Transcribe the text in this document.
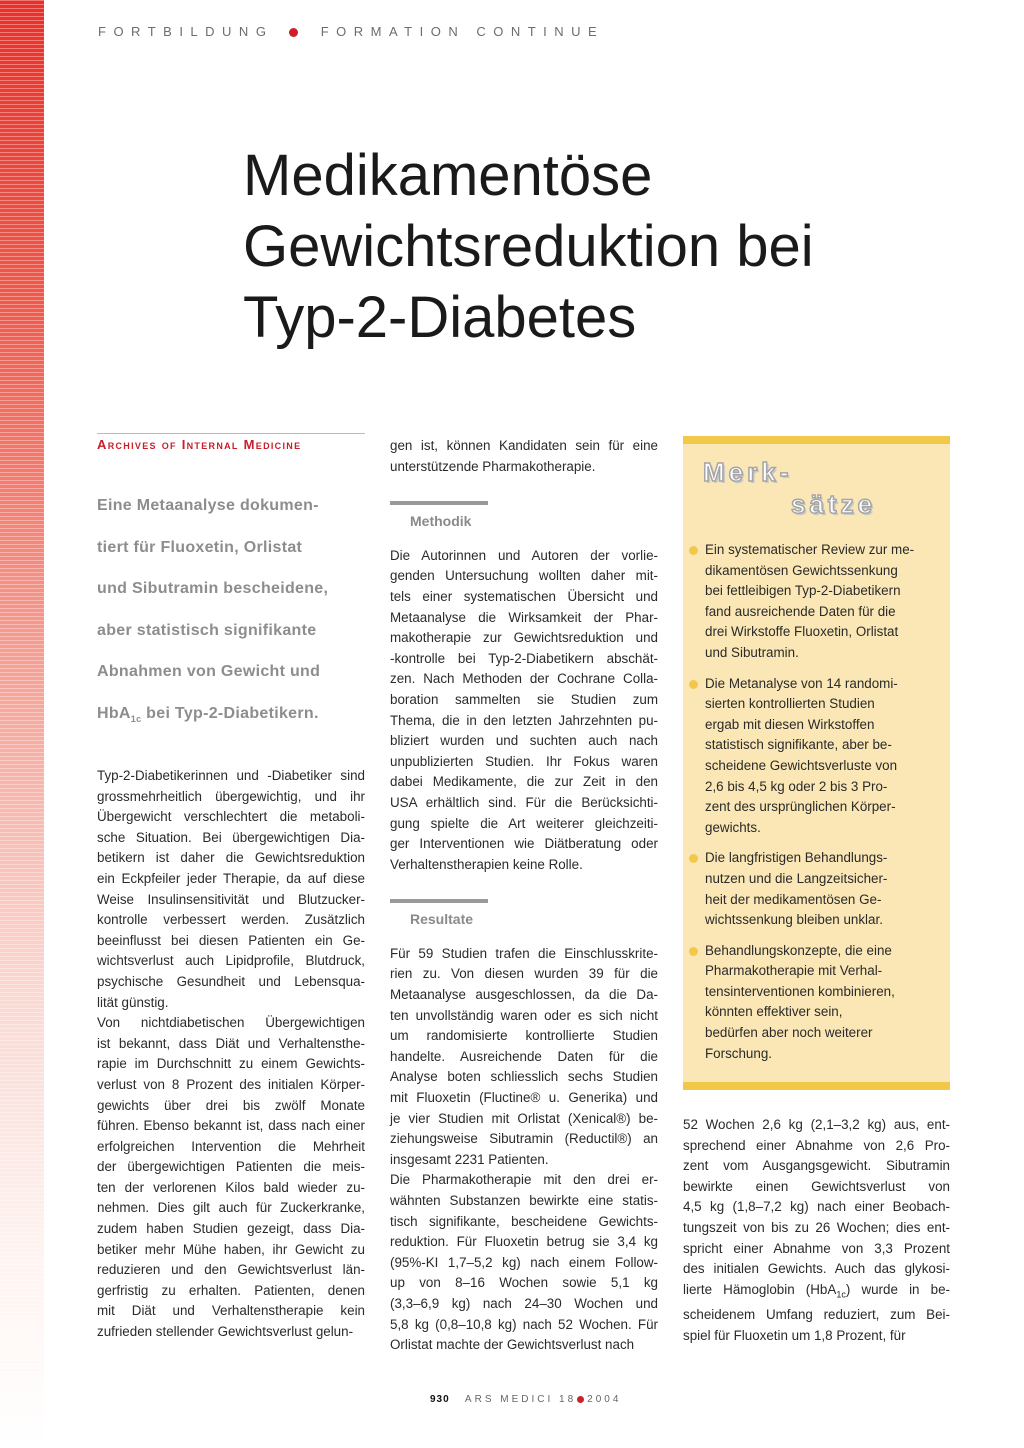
FORTBILDUNG	FORMATION CONTINUE
Medikamentöse
Gewichtsreduktion bei
Typ-2-Diabetes
Archives of Internal Medicine
Eine Metaanalyse dokumen-
tiert für Fluoxetin, Orlistat
und Sibutramin bescheidene,
aber statistisch signifikante
Abnahmen von Gewicht und
HbA$_{1c}$ bei Typ-2-Diabetikern.

Typ-2-Diabetikerinnen und -Diabetiker sind
grossmehrheitlich übergewichtig, und ihr
Übergewicht verschlechtert die metaboli-
sche Situation. Bei übergewichtigen Dia-
betikern ist daher die Gewichtsreduktion
ein Eckpfeiler jeder Therapie, da auf diese
Weise Insulinsensitivität und Blutzucker-
kontrolle verbessert werden. Zusätzlich
beeinflusst bei diesen Patienten ein Ge-
wichtsverlust auch Lipidprofile, Blutdruck,
psychische Gesundheit und Lebensqua-
lität günstig.

Von nichtdiabetischen Übergewichtigen
ist bekannt, dass Diät und Verhaltensthe-
rapie im Durchschnitt zu einem Gewichts-
verlust von 8 Prozent des initialen Körper-
gewichts über drei bis zwölf Monate
führen. Ebenso bekannt ist, dass nach einer
erfolgreichen Intervention die Mehrheit
der übergewichtigen Patienten die meis-
ten der verlorenen Kilos bald wieder zu-
nehmen. Dies gilt auch für Zuckerkranke,
zudem haben Studien gezeigt, dass Dia-
betiker mehr Mühe haben, ihr Gewicht zu
reduzieren und den Gewichtsverlust län-
gerfristig zu erhalten. Patienten, denen
mit Diät und Verhaltenstherapie kein
zufrieden stellender Gewichtsverlust gelun-

gen ist, können Kandidaten sein für eine
unterstützende Pharmakotherapie.

Methodik

Die Autorinnen und Autoren der vorlie-
genden Untersuchung wollten daher mit-
tels einer systematischen Übersicht und
Metaanalyse die Wirksamkeit der Phar-
makotherapie zur Gewichtsreduktion und
-kontrolle bei Typ-2-Diabetikern abschät-
zen. Nach Methoden der Cochrane Colla-
boration sammelten sie Studien zum
Thema, die in den letzten Jahrzehnten pu-
bliziert wurden und suchten auch nach
unpublizierten Studien. Ihr Fokus waren
dabei Medikamente, die zur Zeit in den
USA erhältlich sind. Für die Berücksichti-
gung spielte die Art weiterer gleichzeiti-
ger Interventionen wie Diätberatung oder
Verhaltenstherapien keine Rolle.

Resultate

Für 59 Studien trafen die Einschlusskrite-
rien zu. Von diesen wurden 39 für die
Metaanalyse ausgeschlossen, da die Da-
ten unvollständig waren oder es sich nicht
um randomisierte kontrollierte Studien
handelte. Ausreichende Daten für die
Analyse boten schliesslich sechs Studien
mit Fluoxetin (Fluctine® u. Generika) und
je vier Studien mit Orlistat (Xenical®) be-
ziehungsweise Sibutramin (Reductil®) an
insgesamt 2231 Patienten.

Die Pharmakotherapie mit den drei er-
wähnten Substanzen bewirkte eine statis-
tisch signifikante, bescheidene Gewichts-
reduktion. Für Fluoxetin betrug sie 3,4 kg
(95%-KI 1,7–5,2 kg) nach einem Follow-
up von 8–16 Wochen sowie 5,1 kg
(3,3–6,9 kg) nach 24–30 Wochen und
5,8 kg (0,8–10,8 kg) nach 52 Wochen. Für
Orlistat machte der Gewichtsverlust nach

Merk-
sätze
Ein systematischer Review zur me-
dikamentösen Gewichtssenkung
bei fettleibigen Typ-2-Diabetikern
fand ausreichende Daten für die
drei Wirkstoffe Fluoxetin, Orlistat
und Sibutramin.
Die Metanalyse von 14 randomi-
sierten kontrollierten Studien
ergab mit diesen Wirkstoffen
statistisch signifikante, aber be-
scheidene Gewichtsverluste von
2,6 bis 4,5 kg oder 2 bis 3 Pro-
zent des ursprünglichen Körper-
gewichts.
Die langfristigen Behandlungs-
nutzen und die Langzeitsicher-
heit der medikamentösen Ge-
wichtssenkung bleiben unklar.
Behandlungskonzepte, die eine
Pharmakotherapie mit Verhal-
tensinterventionen kombinieren,
könnten effektiver sein,
bedürfen aber noch weiterer
Forschung.

52 Wochen 2,6 kg (2,1–3,2 kg) aus, ent-
sprechend einer Abnahme von 2,6 Pro-
zent vom Ausgangsgewicht. Sibutramin
bewirkte einen Gewichtsverlust von
4,5 kg (1,8–7,2 kg) nach einer Beobach-
tungszeit von bis zu 26 Wochen; dies ent-
spricht einer Abnahme von 3,3 Prozent
des initialen Gewichts. Auch das glykosi-
lierte Hämoglobin (HbA$_{1c}$) wurde in be-
scheidenem Umfang reduziert, zum Bei-
spiel für Fluoxetin um 1,8 Prozent, für

930 ARS MEDICI 18 2004
